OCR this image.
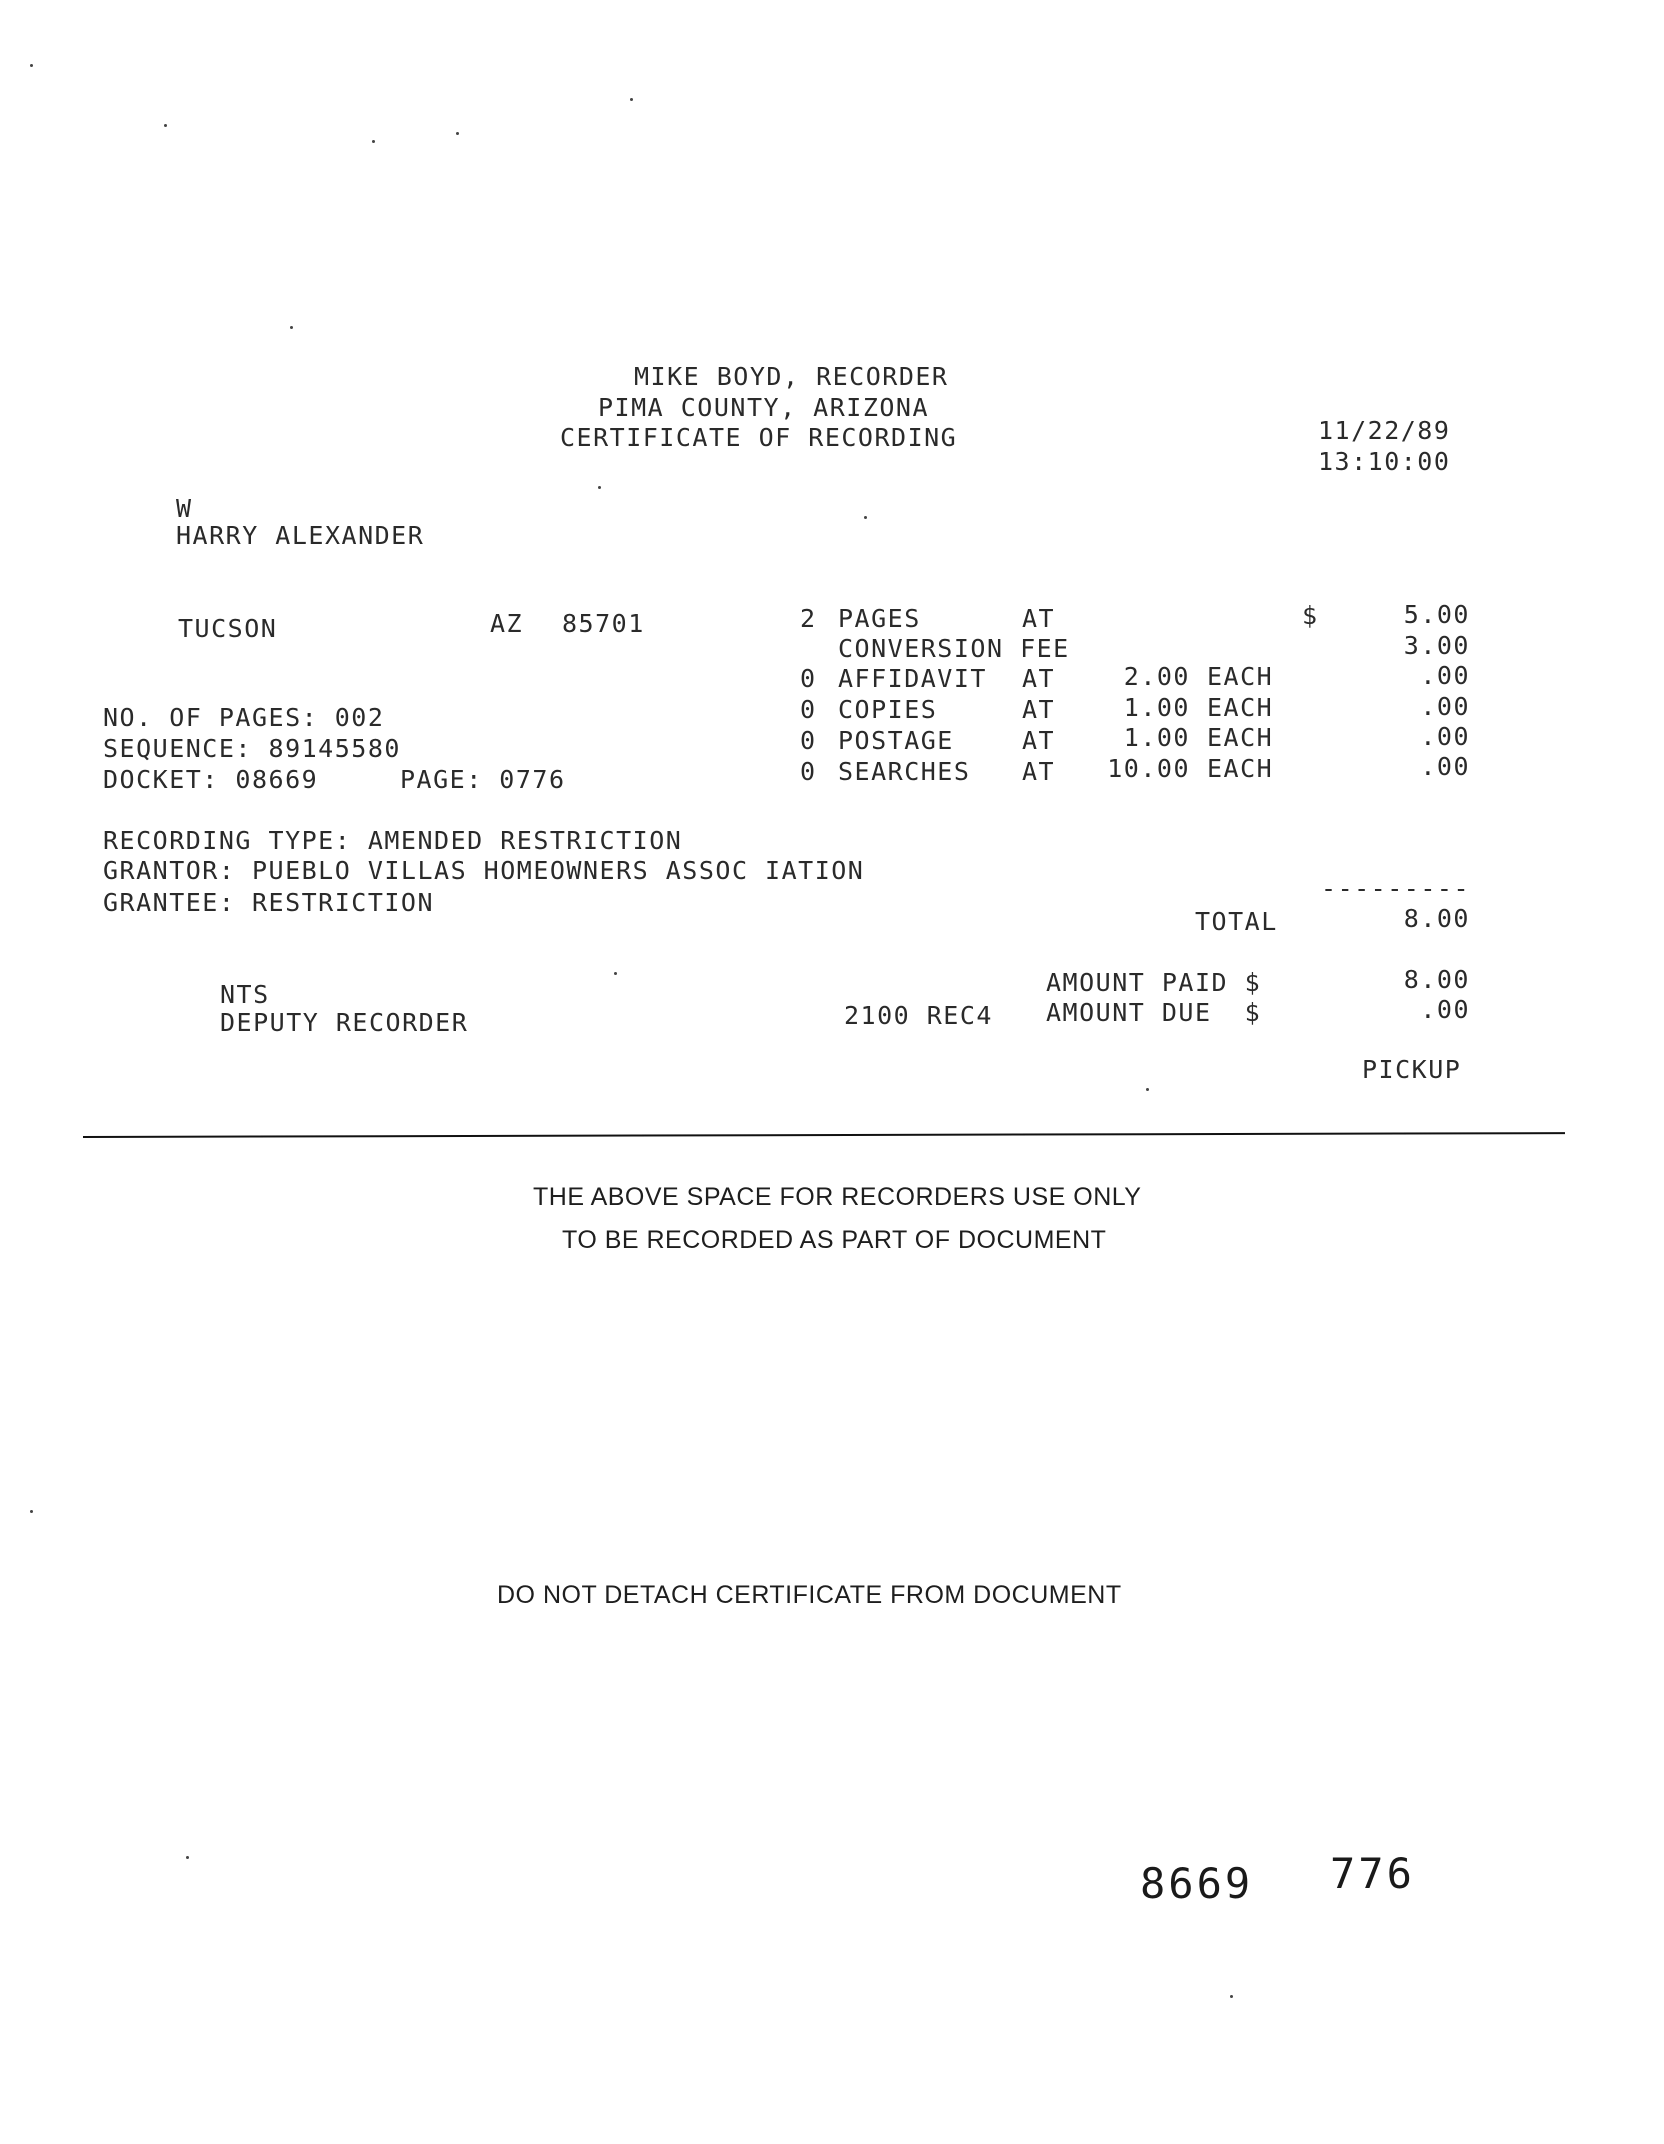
MIKE BOYD, RECORDER
PIMA COUNTY, ARIZONA
CERTIFICATE OF RECORDING	11/22/89
13:10:00
W
HARRY ALEXANDER
TUCSON	AZ 85701
NO. OF PAGES: 002
SEQUENCE: 89145580
DOCKET: 08669	PAGE: 0776
RECORDING TYPE: AMENDED RESTRICTION
GRANTOR: PUEBLO VILLAS HOMEOWNERS ASSOC IATION
GRANTEE: RESTRICTION
2 PAGES	AT	$	5.00
CONVERSION FEE	3.00
0 AFFIDAVIT AT	2.00 EACH	.00
0 COPIES	AT	1.00 EACH	.00
0 POSTAGE	AT	1.00 EACH	.00
0 SEARCHES AT	10.00 EACH	.00
---------
TOTAL	8.00
AMOUNT PAID $	8.00
AMOUNT DUE  $	.00
PICKUP
NTS
DEPUTY RECORDER	2100 REC4
THE ABOVE SPACE FOR RECORDERS USE ONLY
TO BE RECORDED AS PART OF DOCUMENT
DO NOT DETACH CERTIFICATE FROM DOCUMENT
8669 776
